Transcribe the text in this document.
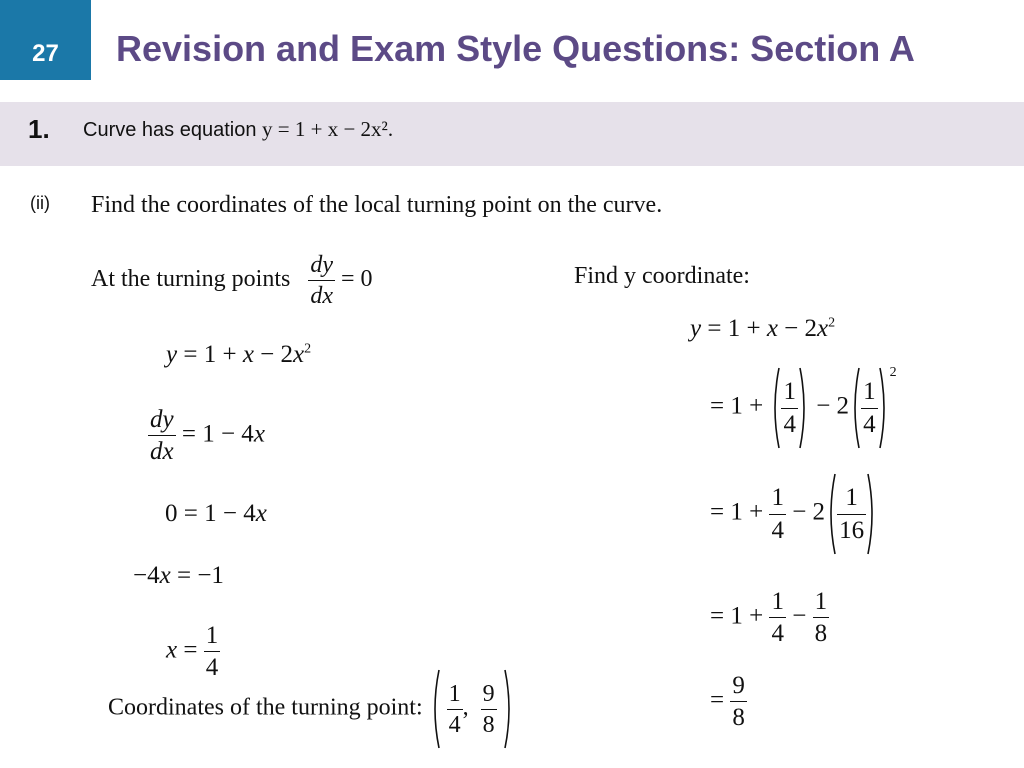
27 Revision and Exam Style Questions: Section A
1. Curve has equation y = 1 + x − 2x².
(ii) Find the coordinates of the local turning point on the curve.
At the turning points $\frac{dy}{dx} = 0$
$y = 1 + x - 2x^2$
$\frac{dy}{dx} = 1 - 4x$
0 = 1 − 4x
−4x = −1
$x = \frac{1}{4}$
Coordinates of the turning point: $\frac{1}{4}$ , $\frac{9}{8}$

Find y coordinate:
$y = 1 + x - 2x^2$
= $1 + \frac{1}{4} - 2 \frac{1}{4}$
$^2$
= $1 + \frac{1}{4} - 2 \frac{1}{16}$
= $1 + \frac{1}{4} - \frac{1}{8}$
= $\frac{9}{8}$
